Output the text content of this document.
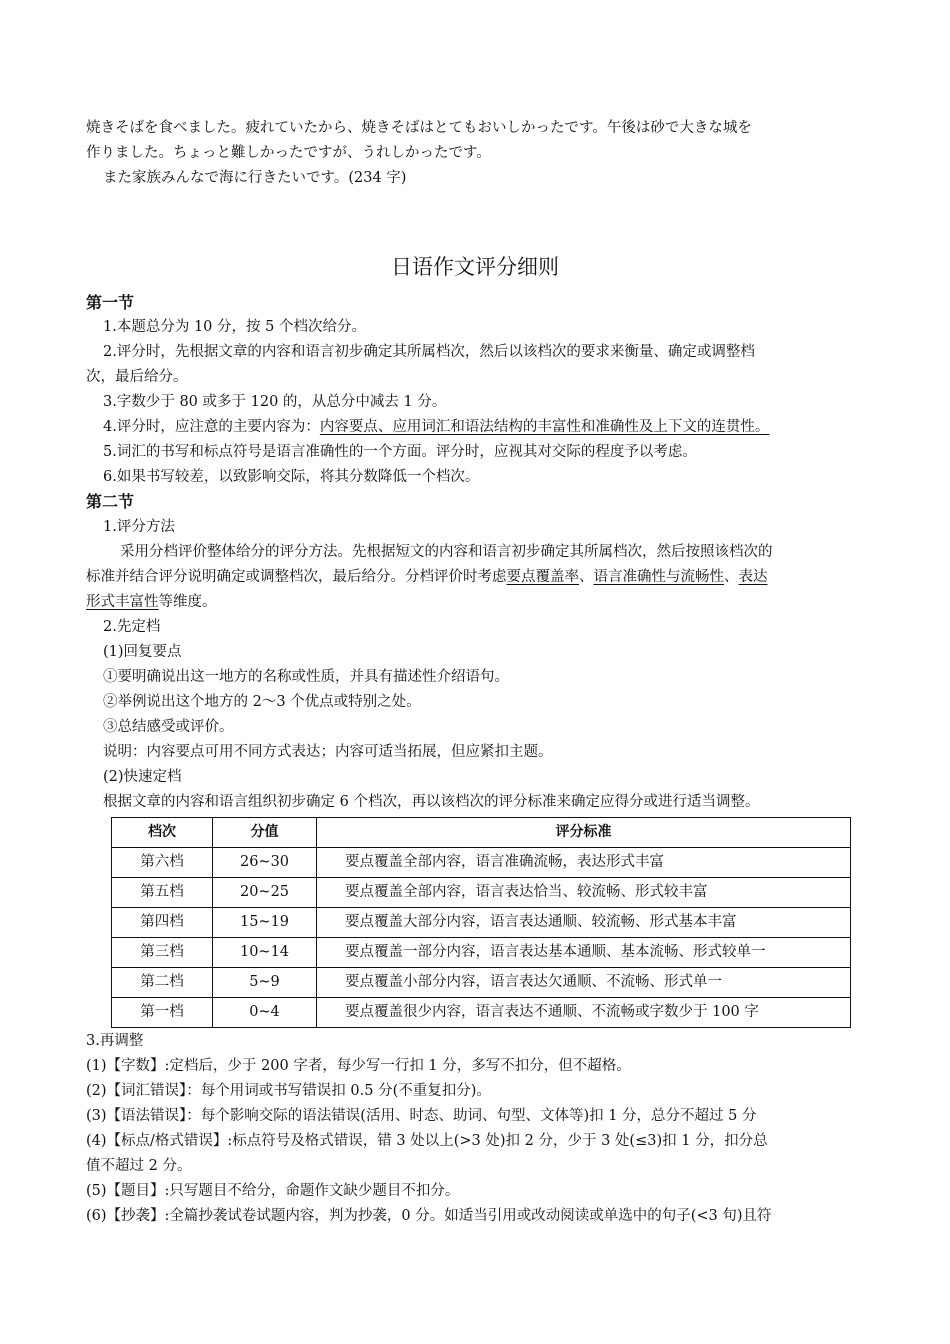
焼きそばを食べました。疲れていたから、焼きそばはとてもおいしかったです。午後は砂で大きな城を
作りました。ちょっと難しかったですが、うれしかったです。
また家族みんなで海に行きたいです。(234 字)
日语作文评分细则
第一节
1.本题总分为 10 分，按 5 个档次给分。
2.评分时，先根据文章的内容和语言初步确定其所属档次，然后以该档次的要求来衡量、确定或调整档
次，最后给分。
3.字数少于 80 或多于 120 的，从总分中减去 1 分。
4.评分时，应注意的主要内容为：内容要点、应用词汇和语法结构的丰富性和准确性及上下文的连贯性。
5.词汇的书写和标点符号是语言准确性的一个方面。评分时，应视其对交际的程度予以考虑。
6.如果书写较差，以致影响交际，将其分数降低一个档次。
第二节
1.评分方法
采用分档评价整体给分的评分方法。先根据短文的内容和语言初步确定其所属档次，然后按照该档次的
标准并结合评分说明确定或调整档次，最后给分。分档评价时考虑要点覆盖率、语言准确性与流畅性、表达
形式丰富性等维度。
2.先定档
(1)回复要点
①要明确说出这一地方的名称或性质，并具有描述性介绍语句。
②举例说出这个地方的 2～3 个优点或特别之处。
③总结感受或评价。
说明：内容要点可用不同方式表达；内容可适当拓展，但应紧扣主题。
(2)快速定档
根据文章的内容和语言组织初步确定 6 个档次，再以该档次的评分标准来确定应得分或进行适当调整。
档次	分值	评分标准
第六档	26~30	要点覆盖全部内容，语言准确流畅，表达形式丰富
第五档	20~25	要点覆盖全部内容，语言表达恰当、较流畅、形式较丰富
第四档	15~19	要点覆盖大部分内容，语言表达通顺、较流畅、形式基本丰富
第三档	10~14	要点覆盖一部分内容，语言表达基本通顺、基本流畅、形式较单一
第二档	5~9	要点覆盖小部分内容，语言表达欠通顺、不流畅、形式单一
第一档	0~4	要点覆盖很少内容，语言表达不通顺、不流畅或字数少于 100 字
3.再调整
(1)【字数】:定档后，少于 200 字者，每少写一行扣 1 分，多写不扣分，但不超格。
(2)【词汇错误】：每个用词或书写错误扣 0.5 分(不重复扣分)。
(3)【语法错误】：每个影响交际的语法错误(活用、时态、助词、句型、文体等)扣 1 分，总分不超过 5 分
(4)【标点/格式错误】:标点符号及格式错误，错 3 处以上(>3 处)扣 2 分，少于 3 处(≤3)扣 1 分，扣分总
值不超过 2 分。
(5)【题目】:只写题目不给分，命题作文缺少题目不扣分。
(6)【抄袭】:全篇抄袭试卷试题内容，判为抄袭，0 分。如适当引用或改动阅读或单选中的句子(<3 句)且符
